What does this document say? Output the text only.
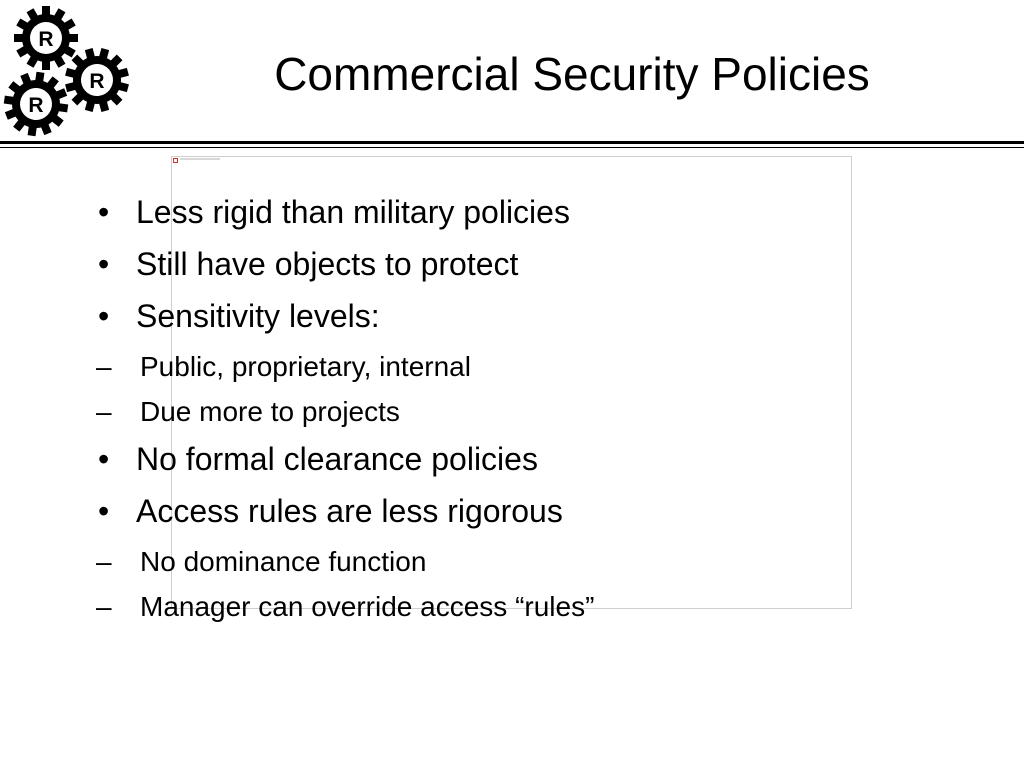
R
R
R
Commercial Security Policies
• Less rigid than military policies
• Still have objects to protect
• Sensitivity levels:
–	Public, proprietary, internal
–	Due more to projects
• No formal clearance policies
• Access rules are less rigorous
–	No dominance function
–	Manager can override access “rules”
